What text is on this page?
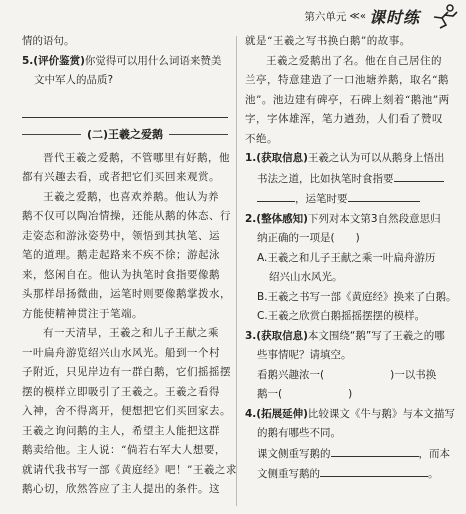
第六单元 ≪« 课时练
情的语句。
5.(评价鉴赏)你觉得可以用什么词语来赞美
文中军人的品质?
(二)王羲之爱鹅
晋代王羲之爱鹅，不管哪里有好鹅，他
都有兴趣去看，或者把它们买回来观赏。
王羲之爱鹅，也喜欢养鹅。他认为养
鹅不仅可以陶冶情操，还能从鹅的体态、行
走姿态和游泳姿势中，领悟到其执笔、运
笔的道理。鹅走起路来不疾不徐；游起泳
来，悠闲自在。他认为执笔时食指要像鹅
头那样昂扬微曲，运笔时则要像鹅掌拨水，
方能使精神贯注于笔端。
有一天清早，王羲之和儿子王献之乘
一叶扁舟游览绍兴山水风光。船到一个村
子附近，只见岸边有一群白鹅，它们摇摇摆
摆的模样立即吸引了王羲之。王羲之看得
入神，舍不得离开，便想把它们买回家去。
王羲之询问鹅的主人，希望主人能把这群
鹅卖给他。主人说：“倘若右军大人想要，
就请代我书写一部《黄庭经》吧！”王羲之求
鹅心切，欣然答应了主人提出的条件。这
就是“王羲之写书换白鹅”的故事。
王羲之爱鹅出了名。他在自己居住的
兰亭，特意建造了一口池塘养鹅，取名“鹅
池”。池边建有碑亭，石碑上刻着“鹅池”两
字，字体雄浑，笔力遒劲，人们看了赞叹
不绝。
1.(获取信息)王羲之认为可以从鹅身上悟出
书法之道，比如执笔时食指要
，运笔时要
2.(整体感知)下列对本文第3自然段意思归
纳正确的一项是(　　)
A.王羲之和儿子王献之乘一叶扁舟游历
绍兴山水风光。
B.王羲之书写一部《黄庭经》换来了白鹅。
C.王羲之欣赏白鹅摇摇摆摆的模样。
3.(获取信息)本文围绕“鹅”写了王羲之的哪
些事情呢？请填空。
看鹅兴趣浓一(	)一以书换
鹅一(	)
4.(拓展延伸)比较课文《牛与鹅》与本文描写
的鹅有哪些不同。
课文侧重写鹅的	，而本
文侧重写鹅的	。
